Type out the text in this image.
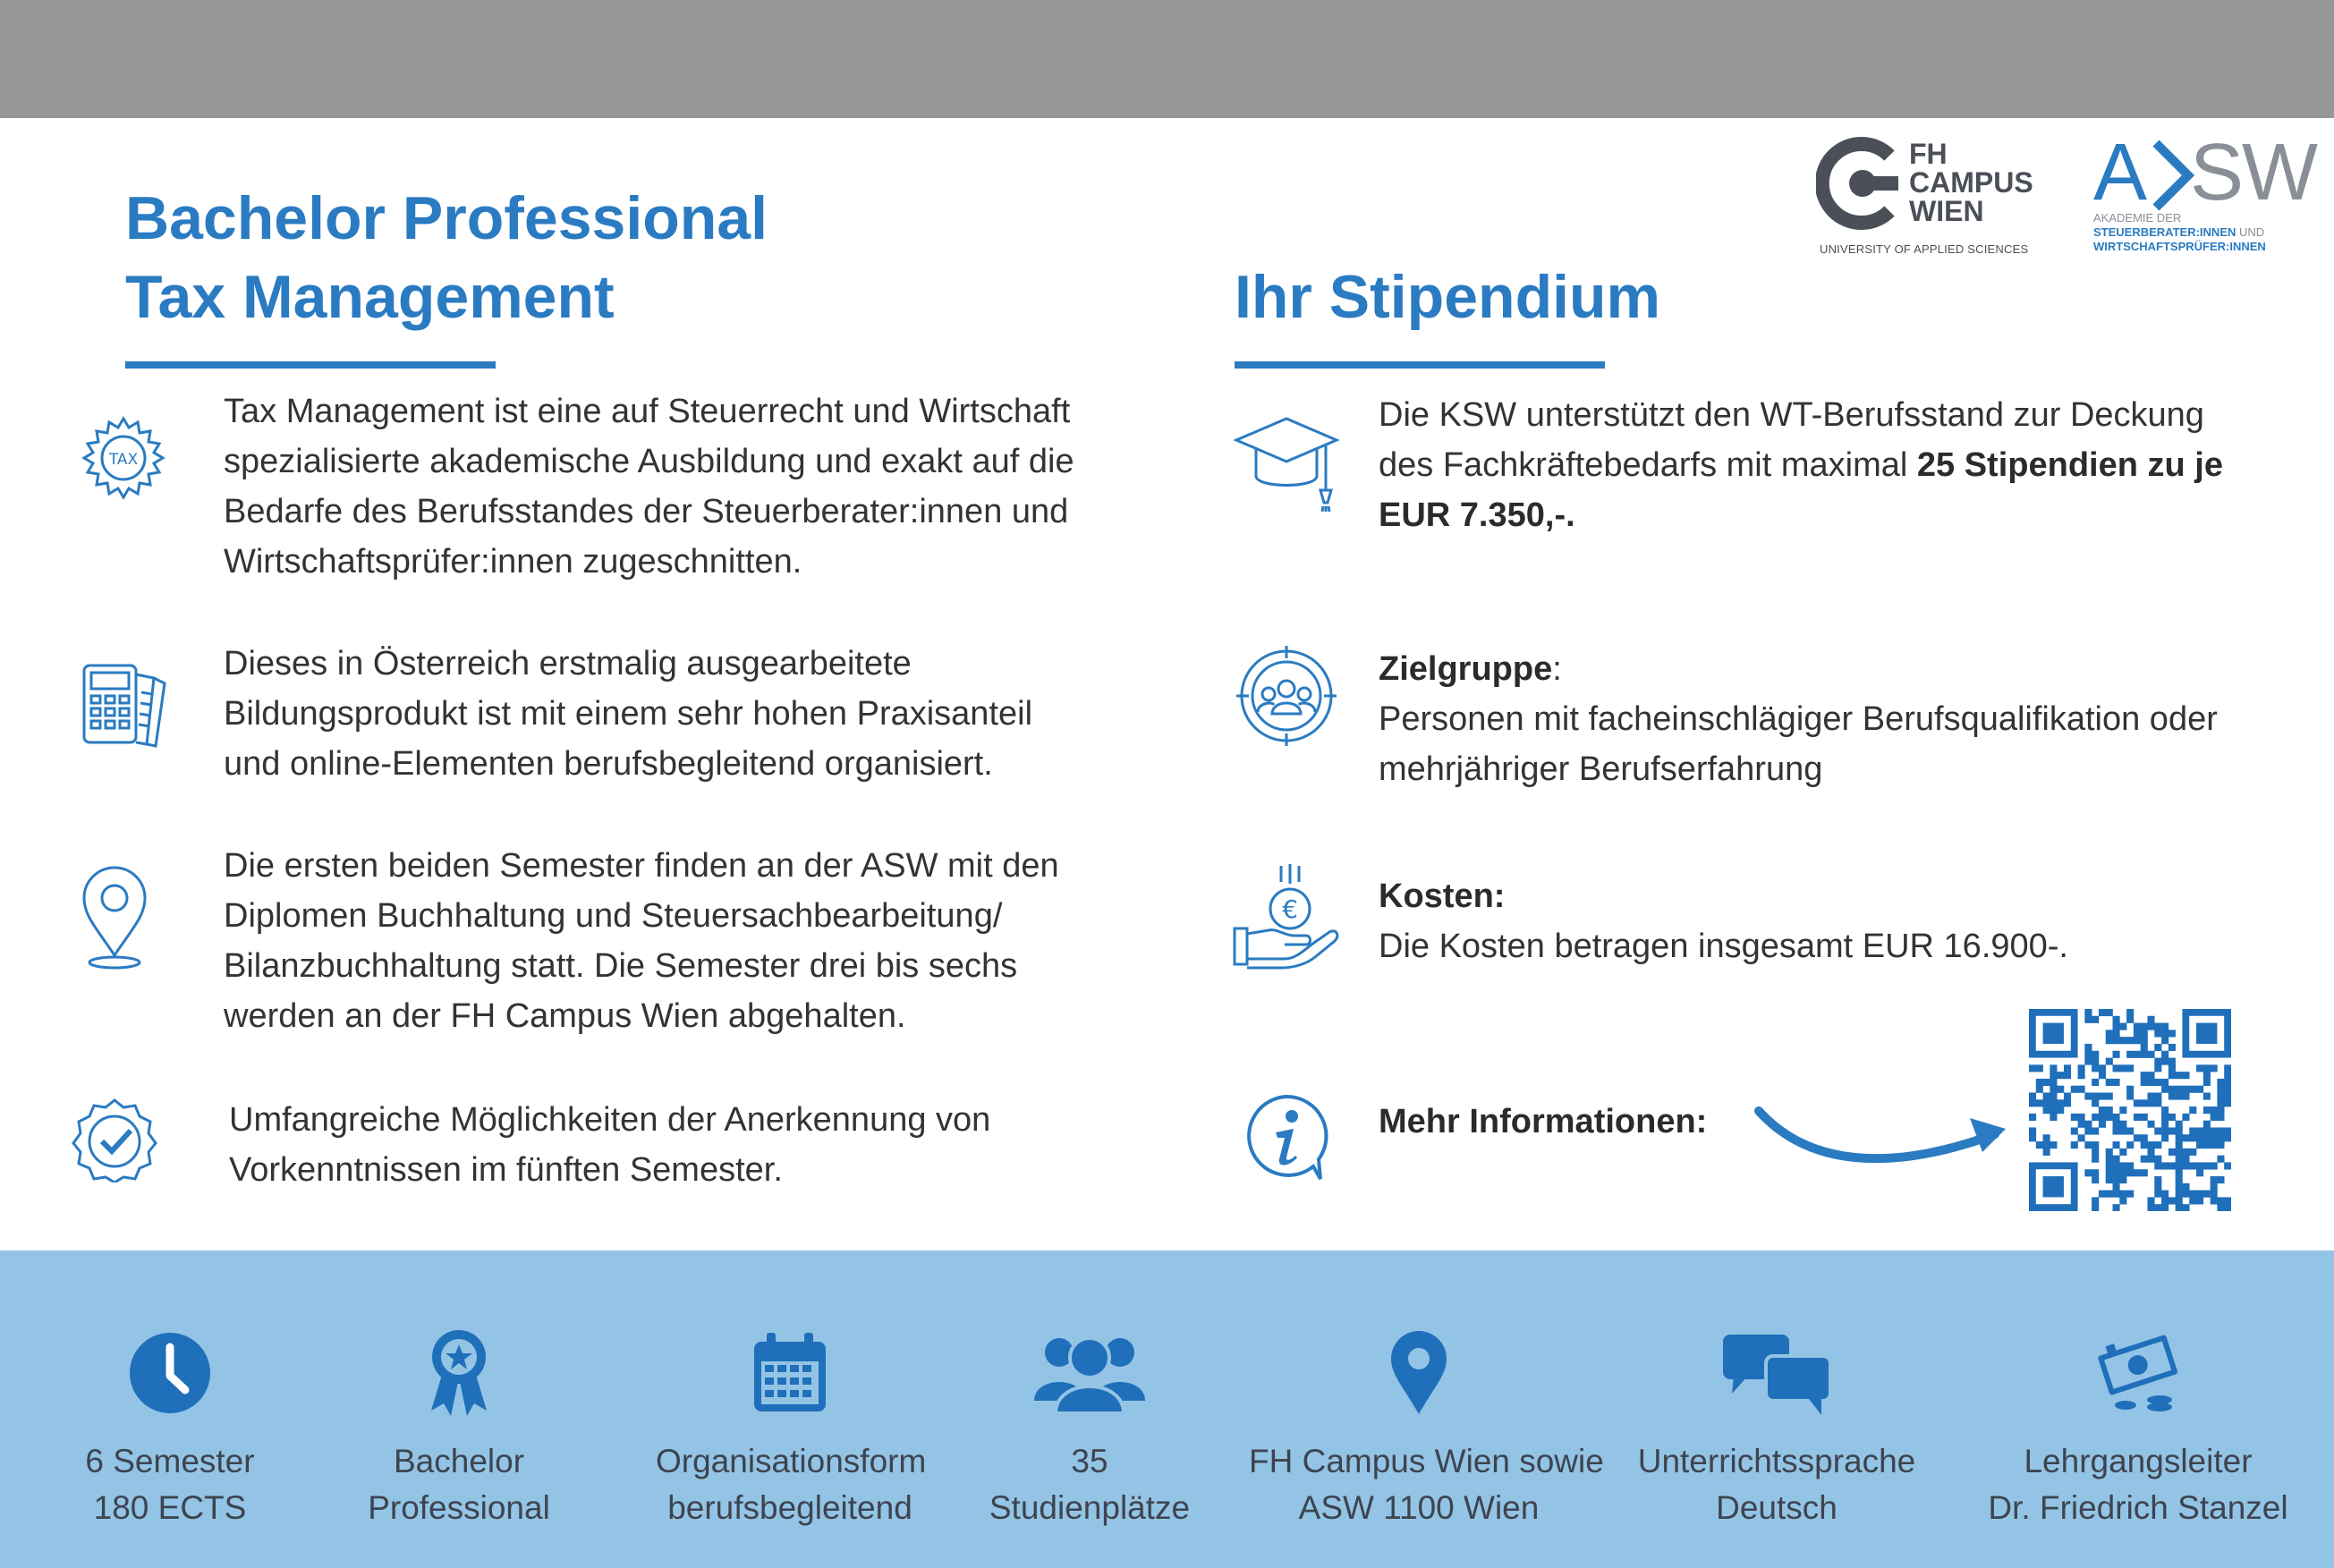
FH
CAMPUS
WIEN
UNIVERSITY OF APPLIED SCIENCES
A SW
AKADEMIE DER
STEUERBERATER:INNEN UND
WIRTSCHAFTSPRÜFER:INNEN
Bachelor Professional
Tax Management
TAX
Tax Management ist eine auf Steuerrecht und Wirtschaft
spezialisierte akademische Ausbildung und exakt auf die
Bedarfe des Berufsstandes der Steuerberater:innen und
Wirtschaftsprüfer:innen zugeschnitten.
Dieses in Österreich erstmalig ausgearbeitete
Bildungsprodukt ist mit einem sehr hohen Praxisanteil
und online-Elementen berufsbegleitend organisiert.
Die ersten beiden Semester finden an der ASW mit den
Diplomen Buchhaltung und Steuersachbearbeitung/
Bilanzbuchhaltung statt. Die Semester drei bis sechs
werden an der FH Campus Wien abgehalten.
Umfangreiche Möglichkeiten der Anerkennung von
Vorkenntnissen im fünften Semester.
Ihr Stipendium
Die KSW unterstützt den WT-Berufsstand zur Deckung
des Fachkräftebedarfs mit maximal 25 Stipendien zu je
EUR 7.350,-.
Zielgruppe:
Personen mit facheinschlägiger Berufsqualifikation oder
mehrjähriger Berufserfahrung
€ Kosten:
Die Kosten betragen insgesamt EUR 16.900-.
Mehr Informationen:
6 Semester
180 ECTS
Bachelor
Professional
Organisationsform
berufsbegleitend
35
Studienplätze
FH Campus Wien sowie
ASW 1100 Wien
Unterrichtssprache
Deutsch
Lehrgangsleiter
Dr. Friedrich Stanzel
